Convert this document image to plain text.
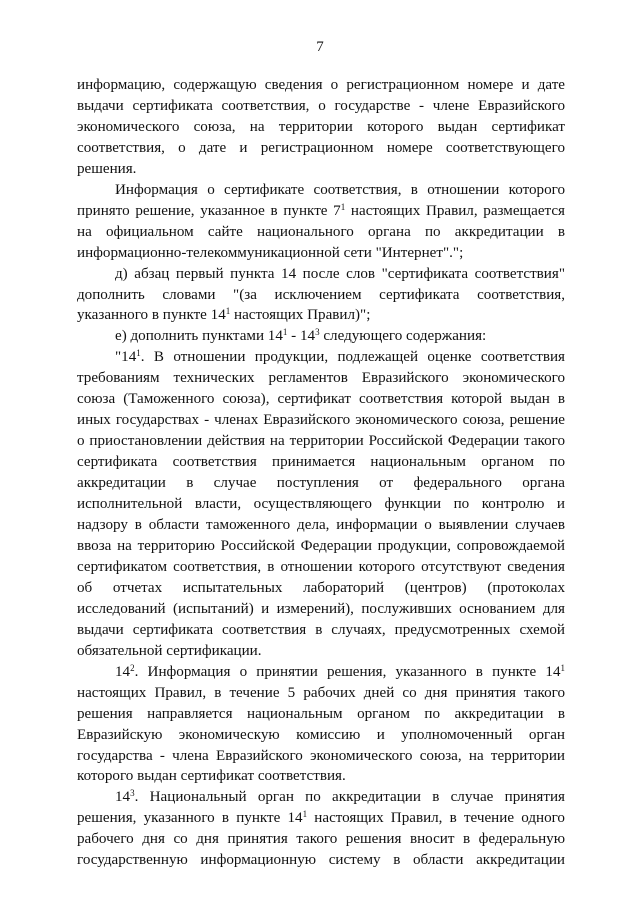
7

информацию, содержащую сведения о регистрационном номере и дате выдачи сертификата соответствия, о государстве - члене Евразийского экономического союза, на территории которого выдан сертификат соответствия, о дате и регистрационном номере соответствующего решения.

Информация о сертификате соответствия, в отношении которого принято решение, указанное в пункте $7^1$ настоящих Правил, размещается на официальном сайте национального органа по аккредитации в информационно-телекоммуникационной сети "Интернет".";

д) абзац первый пункта 14 после слов "сертификата соответствия" дополнить словами "(за исключением сертификата соответствия, указанного в пункте $14^1$ настоящих Правил)";

е) дополнить пунктами $14^1 - 14^3$ следующего содержания:

"$14^1$. В отношении продукции, подлежащей оценке соответствия требованиям технических регламентов Евразийского экономического союза (Таможенного союза), сертификат соответствия которой выдан в иных государствах - членах Евразийского экономического союза, решение о приостановлении действия на территории Российской Федерации такого сертификата соответствия принимается национальным органом по аккредитации в случае поступления от федерального органа исполнительной власти, осуществляющего функции по контролю и надзору в области таможенного дела, информации о выявлении случаев ввоза на территорию Российской Федерации продукции, сопровождаемой сертификатом соответствия, в отношении которого отсутствуют сведения об отчетах испытательных лабораторий (центров) (протоколах исследований (испытаний) и измерений), послуживших основанием для выдачи сертификата соответствия в случаях, предусмотренных схемой обязательной сертификации.

$14^2$. Информация о принятии решения, указанного в пункте $14^1$ настоящих Правил, в течение 5 рабочих дней со дня принятия такого решения направляется национальным органом по аккредитации в Евразийскую экономическую комиссию и уполномоченный орган государства - члена Евразийского экономического союза, на территории которого выдан сертификат соответствия.

$14^3$. Национальный орган по аккредитации в случае принятия решения, указанного в пункте $14^1$ настоящих Правил, в течение одного рабочего дня со дня принятия такого решения вносит в федеральную государственную информационную систему в области аккредитации
